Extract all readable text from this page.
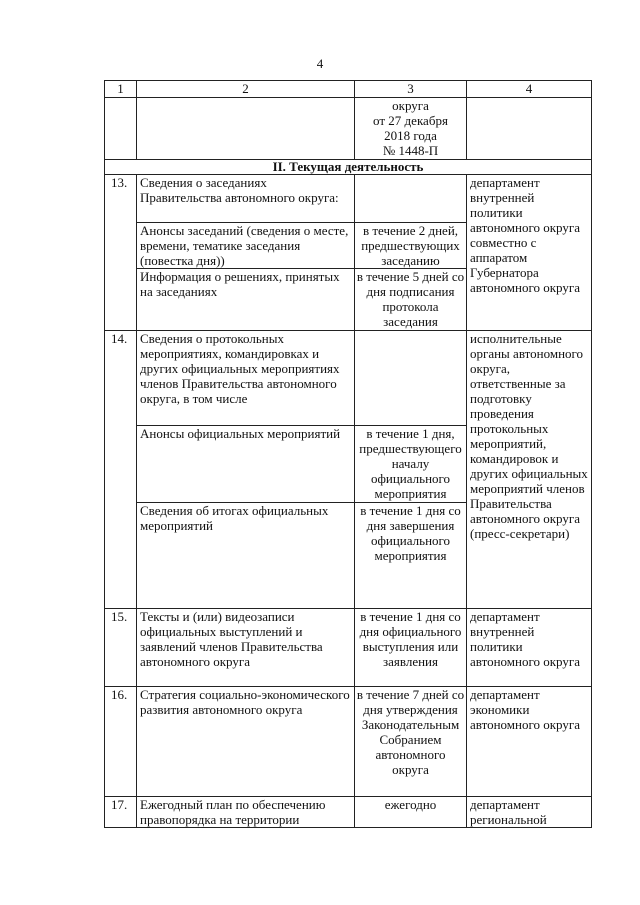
4
1	2	3	4

		округа
от 27 декабря
2018 года
№ 1448-П	

II. Текущая деятельность			
13.	Сведения о заседаниях Правительства автономного округа:		департамент внутренней политики автономного округа совместно с аппаратом Губернатора автономного округа
	Анонсы заседаний (сведения о месте, времени, тематике заседания (повестка дня))	в течение 2 дней, предшествующих заседанию	
	Информация о решениях, принятых на заседаниях	в течение 5 дней со дня подписания протокола заседания	
14.	Сведения о протокольных мероприятиях, командировках и других официальных мероприятиях членов Правительства автономного округа, в том числе		исполнительные органы автономного округа, ответственные за подготовку проведения протокольных мероприятий, командировок и других официальных мероприятий членов Правительства автономного округа (пресс-секретари)
	Анонсы официальных мероприятий	в течение 1 дня, предшествующего началу официального мероприятия	
	Сведения об итогах официальных мероприятий	в течение 1 дня со дня завершения официального мероприятия	
15.	Тексты и (или) видеозаписи официальных выступлений и заявлений членов Правительства автономного округа	в течение 1 дня со дня официального выступления или заявления	департамент внутренней политики автономного округа
16.	Стратегия социально-экономического развития автономного округа	в течение 7 дней со дня утверждения Законодательным Собранием автономного округа	департамент экономики автономного округа
17.	Ежегодный план по обеспечению правопорядка на территории	ежегодно	департамент региональной
